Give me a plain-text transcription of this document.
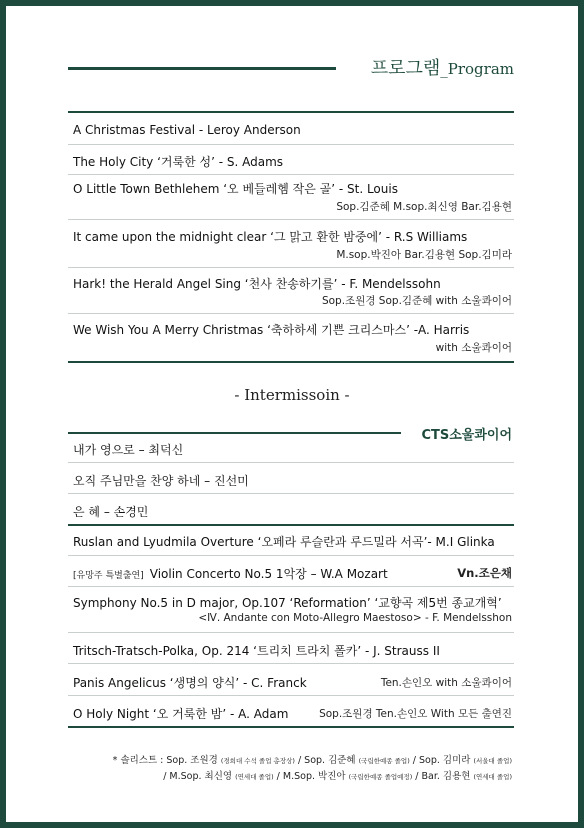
프로그램_Program
A Christmas Festival - Leroy Anderson
The Holy City ‘거룩한 성’ - S. Adams
O Little Town Bethlehem ‘오 베들레헴 작은 골’ - St. Louis
Sop.김준혜 M.sop.최신영 Bar.김용현
It came upon the midnight clear ‘그 맑고 환한 밤중에’ - R.S Williams
M.sop.박진아 Bar.김용현 Sop.김미라
Hark! the Herald Angel Sing ‘천사 찬송하기를’ - F. Mendelssohn
Sop.조원경 Sop.김준혜 with 소울콰이어
We Wish You A Merry Christmas ‘축하하세 기쁜 크리스마스’ -A. Harris
with 소울콰이어
- Intermissoin -
CTS소울콰이어
내가 영으로 – 최덕신
오직 주님만을 찬양 하네 – 진선미
은 혜 – 손경민
Ruslan and Lyudmila Overture ‘오페라 루슬란과 루드밀라 서곡’- M.I Glinka
[유망주 특별출연] Violin Concerto No.5 1악장 – W.A Mozart	Vn.조은채
Symphony No.5 in D major, Op.107 ‘Reformation’ ‘교향곡 제5번 종교개혁’
<Ⅳ. Andante con Moto-Allegro Maestoso> - F. Mendelsshon
Tritsch-Tratsch-Polka, Op. 214 ‘트리치 트라치 폴카’ - J. Strauss II
Panis Angelicus ‘생명의 양식’ - C. Franck	Ten.손인오 with 소울콰이어
O Holy Night ‘오 거룩한 밤’ - A. Adam	Sop.조원경 Ten.손인오 With 모든 출연진
* 솔리스트 : Sop. 조원경 (경희대 수석 졸업 총장상) / Sop. 김준혜 (국립한예종 졸업) / Sop. 김미라 (서울대 졸업)
/ M.Sop. 최신영 (연세대 졸업) / M.Sop. 박진아 (국립한예종 졸업예정) / Bar. 김용현 (연세대 졸업)
